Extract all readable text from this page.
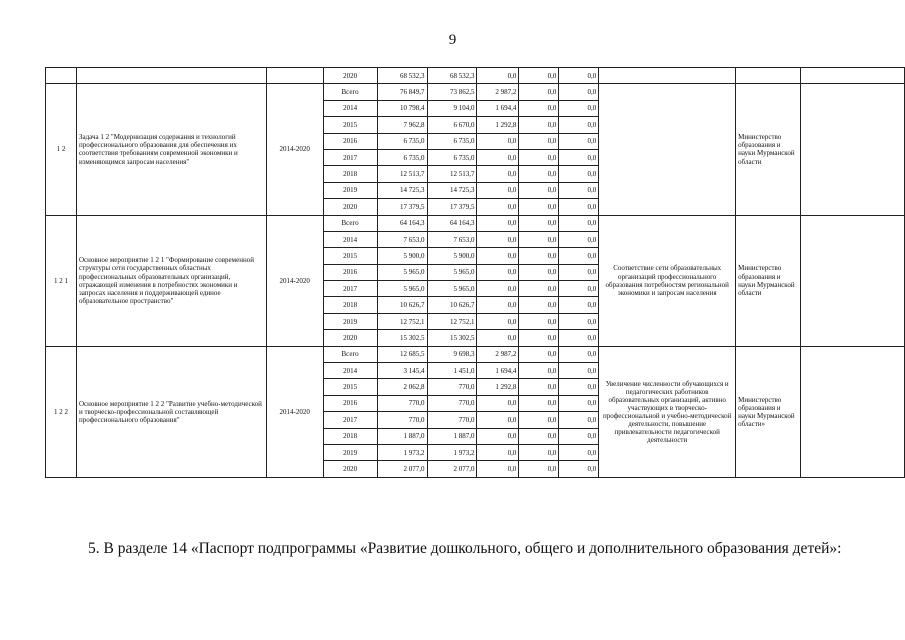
9
			2020	68 532,3	68 532,3	0,0	0,0	0,0			
1 2	Задача 1 2 "Модернизация содержания и технологий профессионального образования для обеспечения их соответствия требованиям современной экономики и изменяющимся запросам населения"	2014-2020	Всего	76 849,7	73 862,5	2 987,2	0,0	0,0		Министерство образования и науки Мурманской области	
			2014	10 798,4	9 104,0	1 694,4	0,0	0,0			
			2015	7 962,8	6 670,0	1 292,8	0,0	0,0			
			2016	6 735,0	6 735,0	0,0	0,0	0,0			
			2017	6 735,0	6 735,0	0,0	0,0	0,0			
			2018	12 513,7	12 513,7	0,0	0,0	0,0			
			2019	14 725,3	14 725,3	0,0	0,0	0,0			
			2020	17 379,5	17 379,5	0,0	0,0	0,0			
1 2 1	Основное мероприятие 1 2 1 "Формирование современной структуры сети государственных областных профессиональных образовательных организаций, отражающей изменения в потребностях экономики и запросах населения и поддерживающей единое образовательное пространство"	2014-2020	Всего	64 164,3	64 164,3	0,0	0,0	0,0	Соответствие сети образовательных организаций профессионального образования потребностям региональной экономики и запросам населения	Министерство образования и науки Мурманской области	
			2014	7 653,0	7 653,0	0,0	0,0	0,0			
			2015	5 900,0	5 900,0	0,0	0,0	0,0			
			2016	5 965,0	5 965,0	0,0	0,0	0,0			
			2017	5 965,0	5 965,0	0,0	0,0	0,0			
			2018	10 626,7	10 626,7	0,0	0,0	0,0			
			2019	12 752,1	12 752,1	0,0	0,0	0,0			
			2020	15 302,5	15 302,5	0,0	0,0	0,0			
1 2 2	Основное мероприятие 1 2 2 "Развитие учебно-методической и творческо-профессиональной составляющей профессионального образования"	2014-2020	Всего	12 685,5	9 698,3	2 987,2	0,0	0,0	Увеличение численности обучающихся и педагогических работников образовательных организаций, активно участвующих в творческо-профессиональной и учебно-методической деятельности, повышение привлекательности педагогической деятельности	Министерство образования и науки Мурманской области»	
			2014	3 145,4	1 451,0	1 694,4	0,0	0,0			
			2015	2 062,8	770,0	1 292,8	0,0	0,0			
			2016	770,0	770,0	0,0	0,0	0,0			
			2017	770,0	770,0	0,0	0,0	0,0			
			2018	1 887,0	1 887,0	0,0	0,0	0,0			
			2019	1 973,2	1 973,2	0,0	0,0	0,0			
			2020	2 077,0	2 077,0	0,0	0,0	0,0			
5. В разделе 14 «Паспорт подпрограммы «Развитие дошкольного, общего и дополнительного образования детей»:
